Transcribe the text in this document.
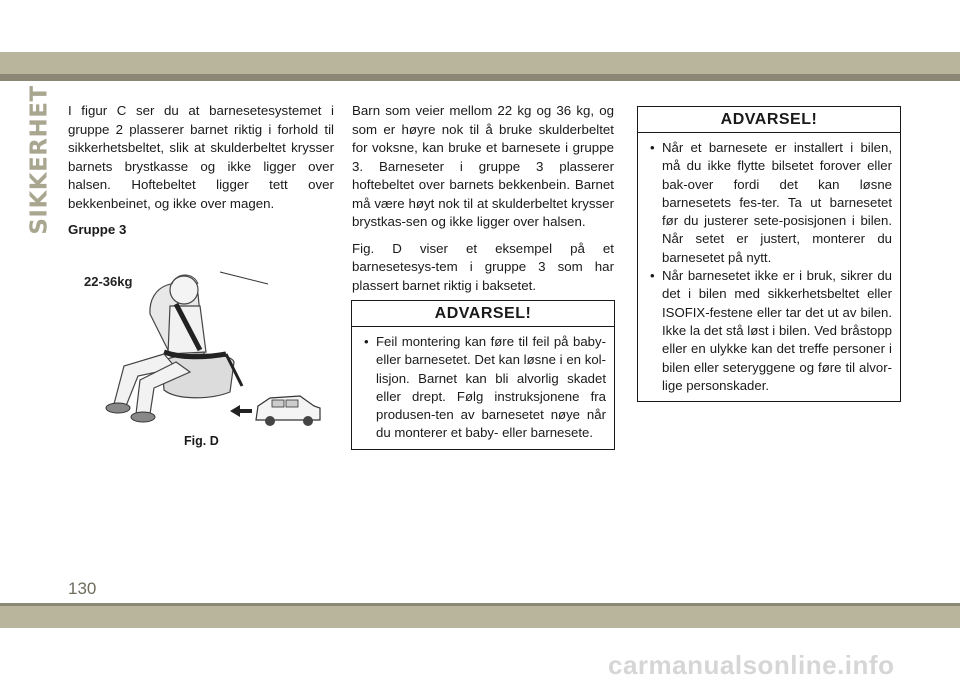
SIKKERHET I figur C ser du at barnesetesystemet i gruppe 2 plasserer barnet riktig i forhold til sikkerhetsbeltet, slik at skulderbeltet krysser barnets brystkasse og ikke ligger over halsen. Hoftebeltet ligger tett over bekkenbeinet, og ikke over magen.

Gruppe 3

22-36kg
Fig. D

Barn som veier mellom 22 kg og 36 kg, og som er høyre nok til å bruke skulderbeltet for voksne, kan bruke et barnesete i gruppe 3. Barneseter i gruppe 3 plasserer hoftebeltet over barnets bekkenbein. Barnet må være høyt nok til at skulderbeltet krysser brystkas-sen og ikke ligger over halsen.

Fig. D viser et eksempel på et barnesetesys-tem i gruppe 3 som har plassert barnet riktig i baksetet.

ADVARSEL!
• Feil montering kan føre til feil på baby- eller barnesetet. Det kan løsne i en kol-lisjon. Barnet kan bli alvorlig skadet eller drept. Følg instruksjonene fra produsen-ten av barnesetet nøye når du monterer et baby- eller barnesete.
ADVARSEL!
• Når et barnesete er installert i bilen, må du ikke flytte bilsetet forover eller bak-over fordi det kan løsne barnesetets fes-ter. Ta ut barnesetet før du justerer sete-posisjonen i bilen. Når setet er justert, monterer du barnesetet på nytt.
• Når barnesetet ikke er i bruk, sikrer du det i bilen med sikkerhetsbeltet eller ISOFIX-festene eller tar det ut av bilen. Ikke la det stå løst i bilen. Ved bråstopp eller en ulykke kan det treffe personer i bilen eller seteryggene og føre til alvor-lige personskader.
130
carmanualsonline.info
